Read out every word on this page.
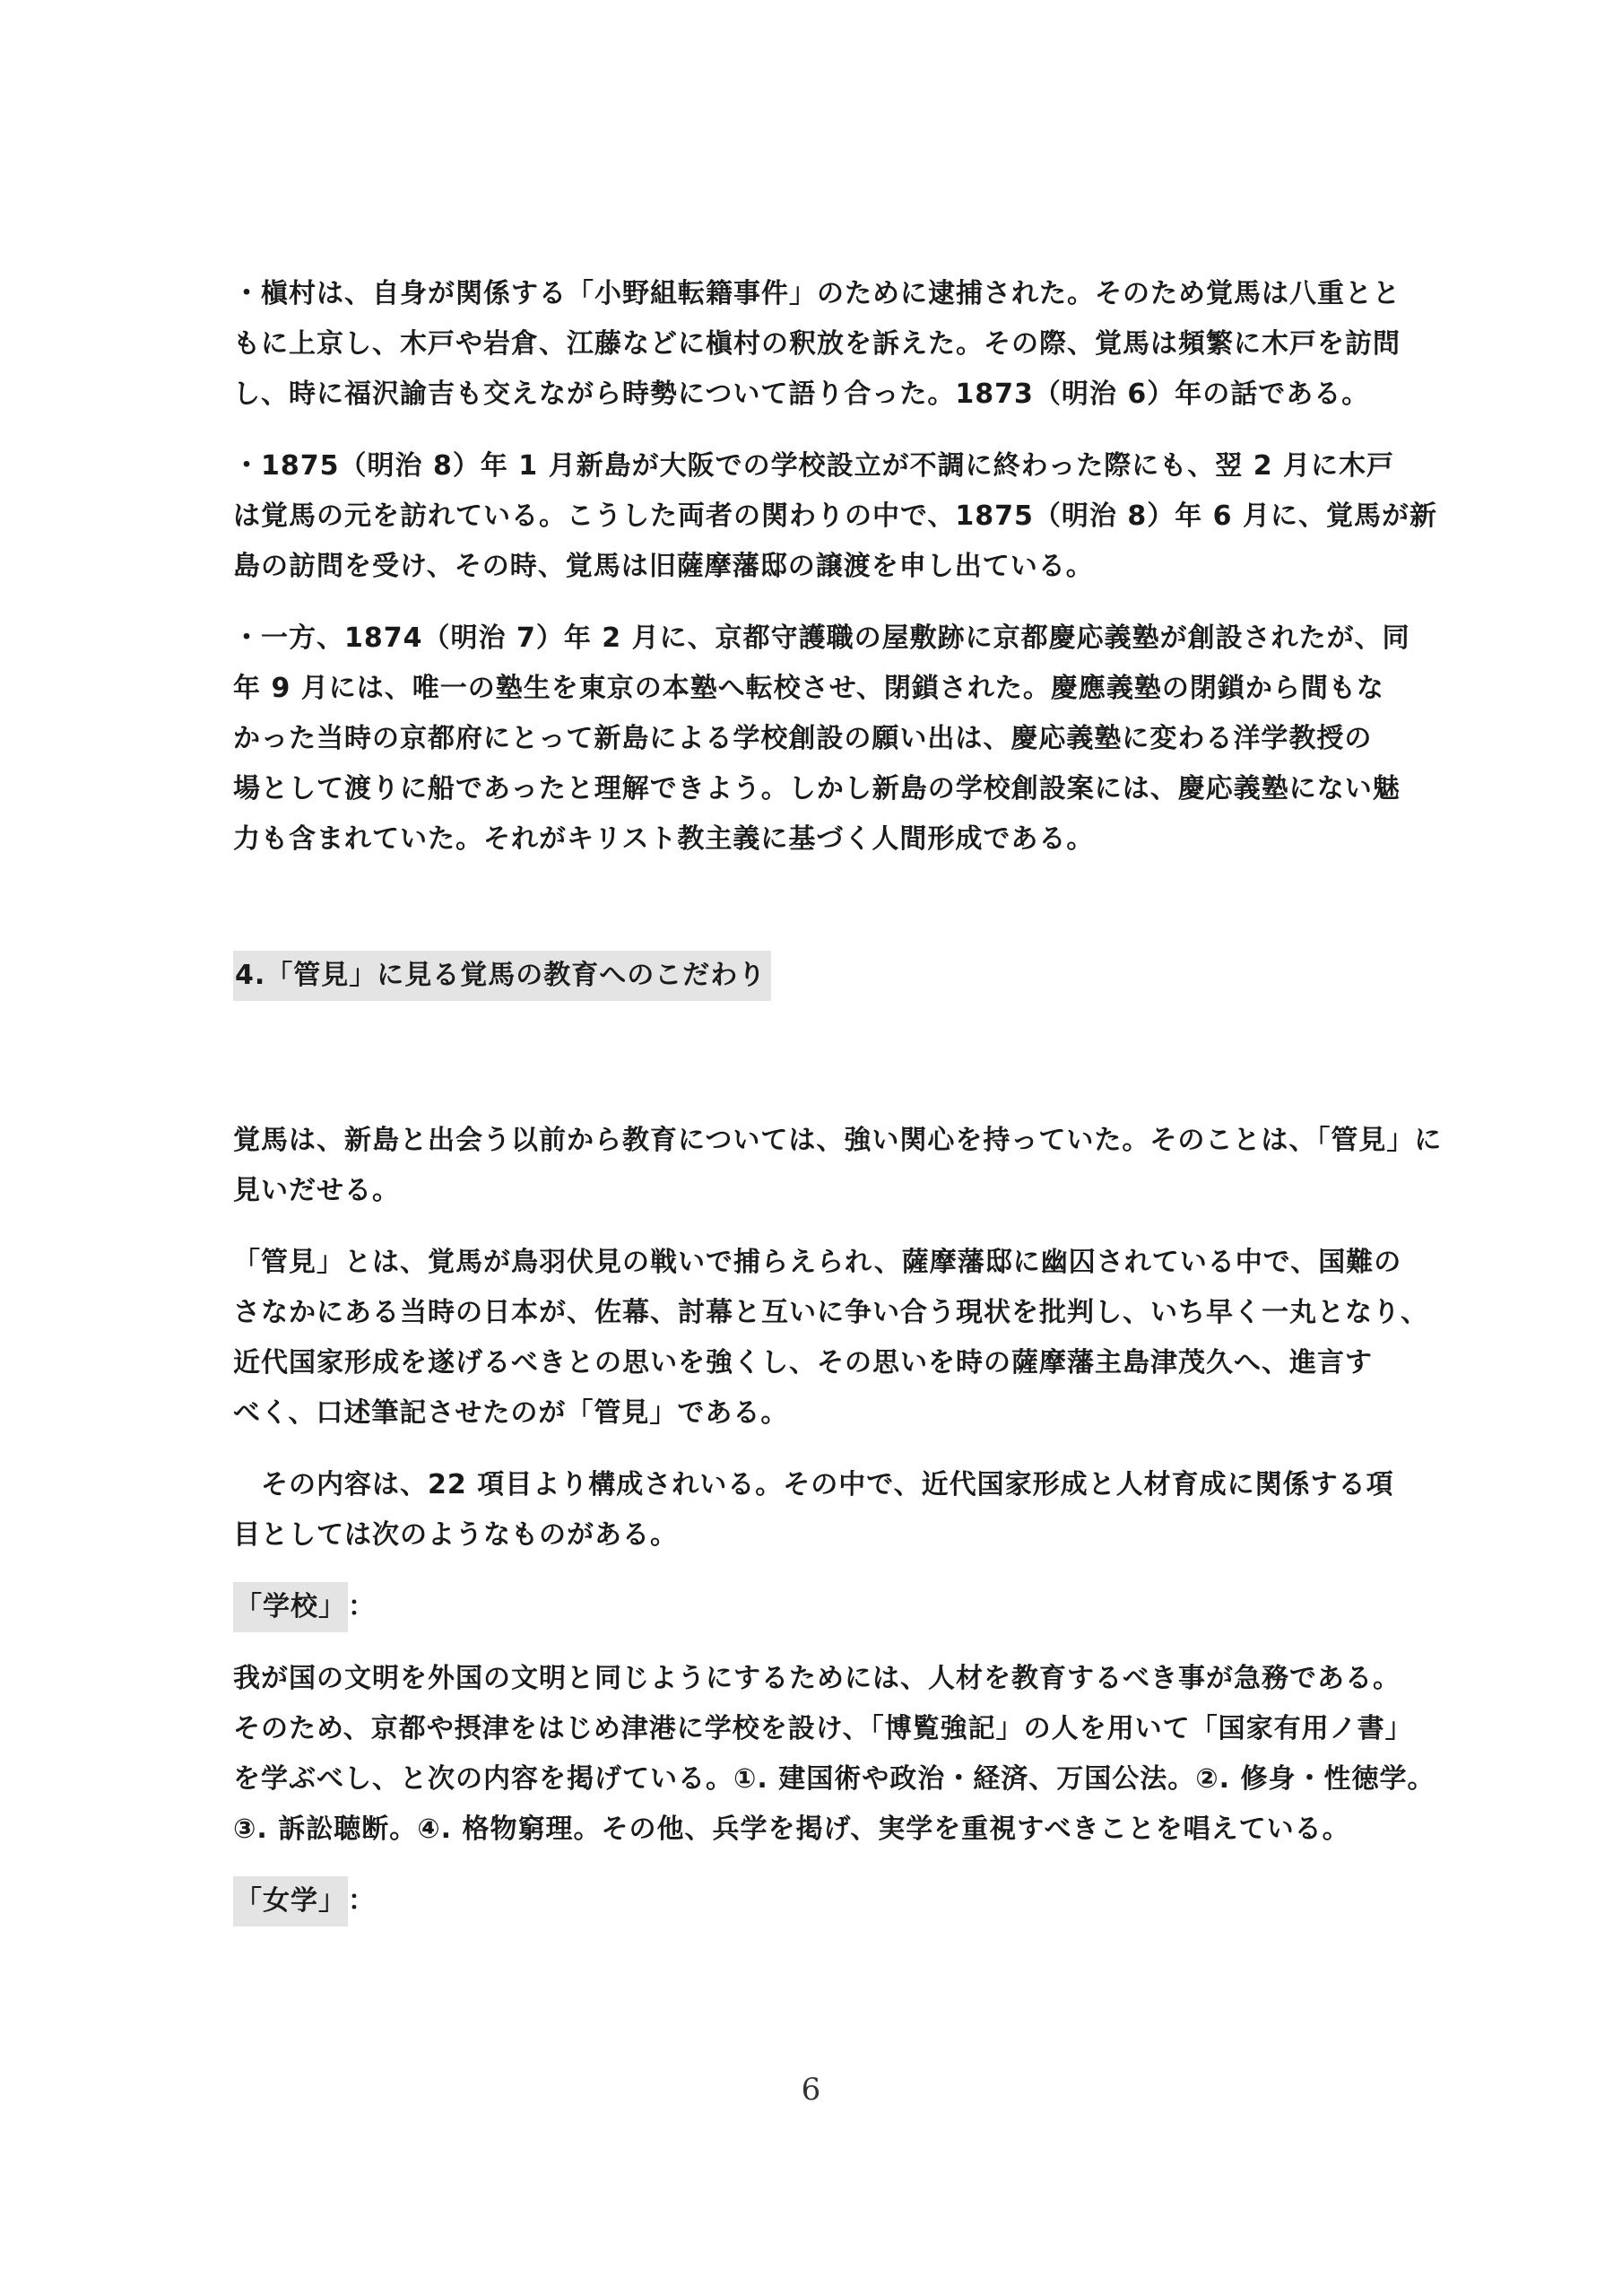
・槇村は、自身が関係する「小野組転籍事件」のために逮捕された。そのため覚馬は八重とと
もに上京し、木戸や岩倉、江藤などに槇村の釈放を訴えた。その際、覚馬は頻繁に木戸を訪問
し、時に福沢諭吉も交えながら時勢について語り合った。1873（明治 6）年の話である。
・1875（明治 8）年 1 月新島が大阪での学校設立が不調に終わった際にも、翌 2 月に木戸
は覚馬の元を訪れている。こうした両者の関わりの中で、1875（明治 8）年 6 月に、覚馬が新
島の訪問を受け、その時、覚馬は旧薩摩藩邸の譲渡を申し出ている。
・一方、1874（明治 7）年 2 月に、京都守護職の屋敷跡に京都慶応義塾が創設されたが、同
年 9 月には、唯一の塾生を東京の本塾へ転校させ、閉鎖された。慶應義塾の閉鎖から間もな
かった当時の京都府にとって新島による学校創設の願い出は、慶応義塾に変わる洋学教授の
場として渡りに船であったと理解できよう。しかし新島の学校創設案には、慶応義塾にない魅
力も含まれていた。それがキリスト教主義に基づく人間形成である。
4.「管見」に見る覚馬の教育へのこだわり
覚馬は、新島と出会う以前から教育については、強い関心を持っていた。そのことは、「管見」に
見いだせる。
「管見」とは、覚馬が鳥羽伏見の戦いで捕らえられ、薩摩藩邸に幽囚されている中で、国難の
さなかにある当時の日本が、佐幕、討幕と互いに争い合う現状を批判し、いち早く一丸となり、
近代国家形成を遂げるべきとの思いを強くし、その思いを時の薩摩藩主島津茂久へ、進言す
べく、口述筆記させたのが「管見」である。
　その内容は、22 項目より構成されいる。その中で、近代国家形成と人材育成に関係する項
目としては次のようなものがある。
「学校」：
我が国の文明を外国の文明と同じようにするためには、人材を教育するべき事が急務である。
そのため、京都や摂津をはじめ津港に学校を設け、「博覧強記」の人を用いて「国家有用ノ書」
を学ぶべし、と次の内容を掲げている。①. 建国術や政治・経済、万国公法。②. 修身・性徳学。
③. 訴訟聴断。④. 格物窮理。その他、兵学を掲げ、実学を重視すべきことを唱えている。
「女学」：
6
